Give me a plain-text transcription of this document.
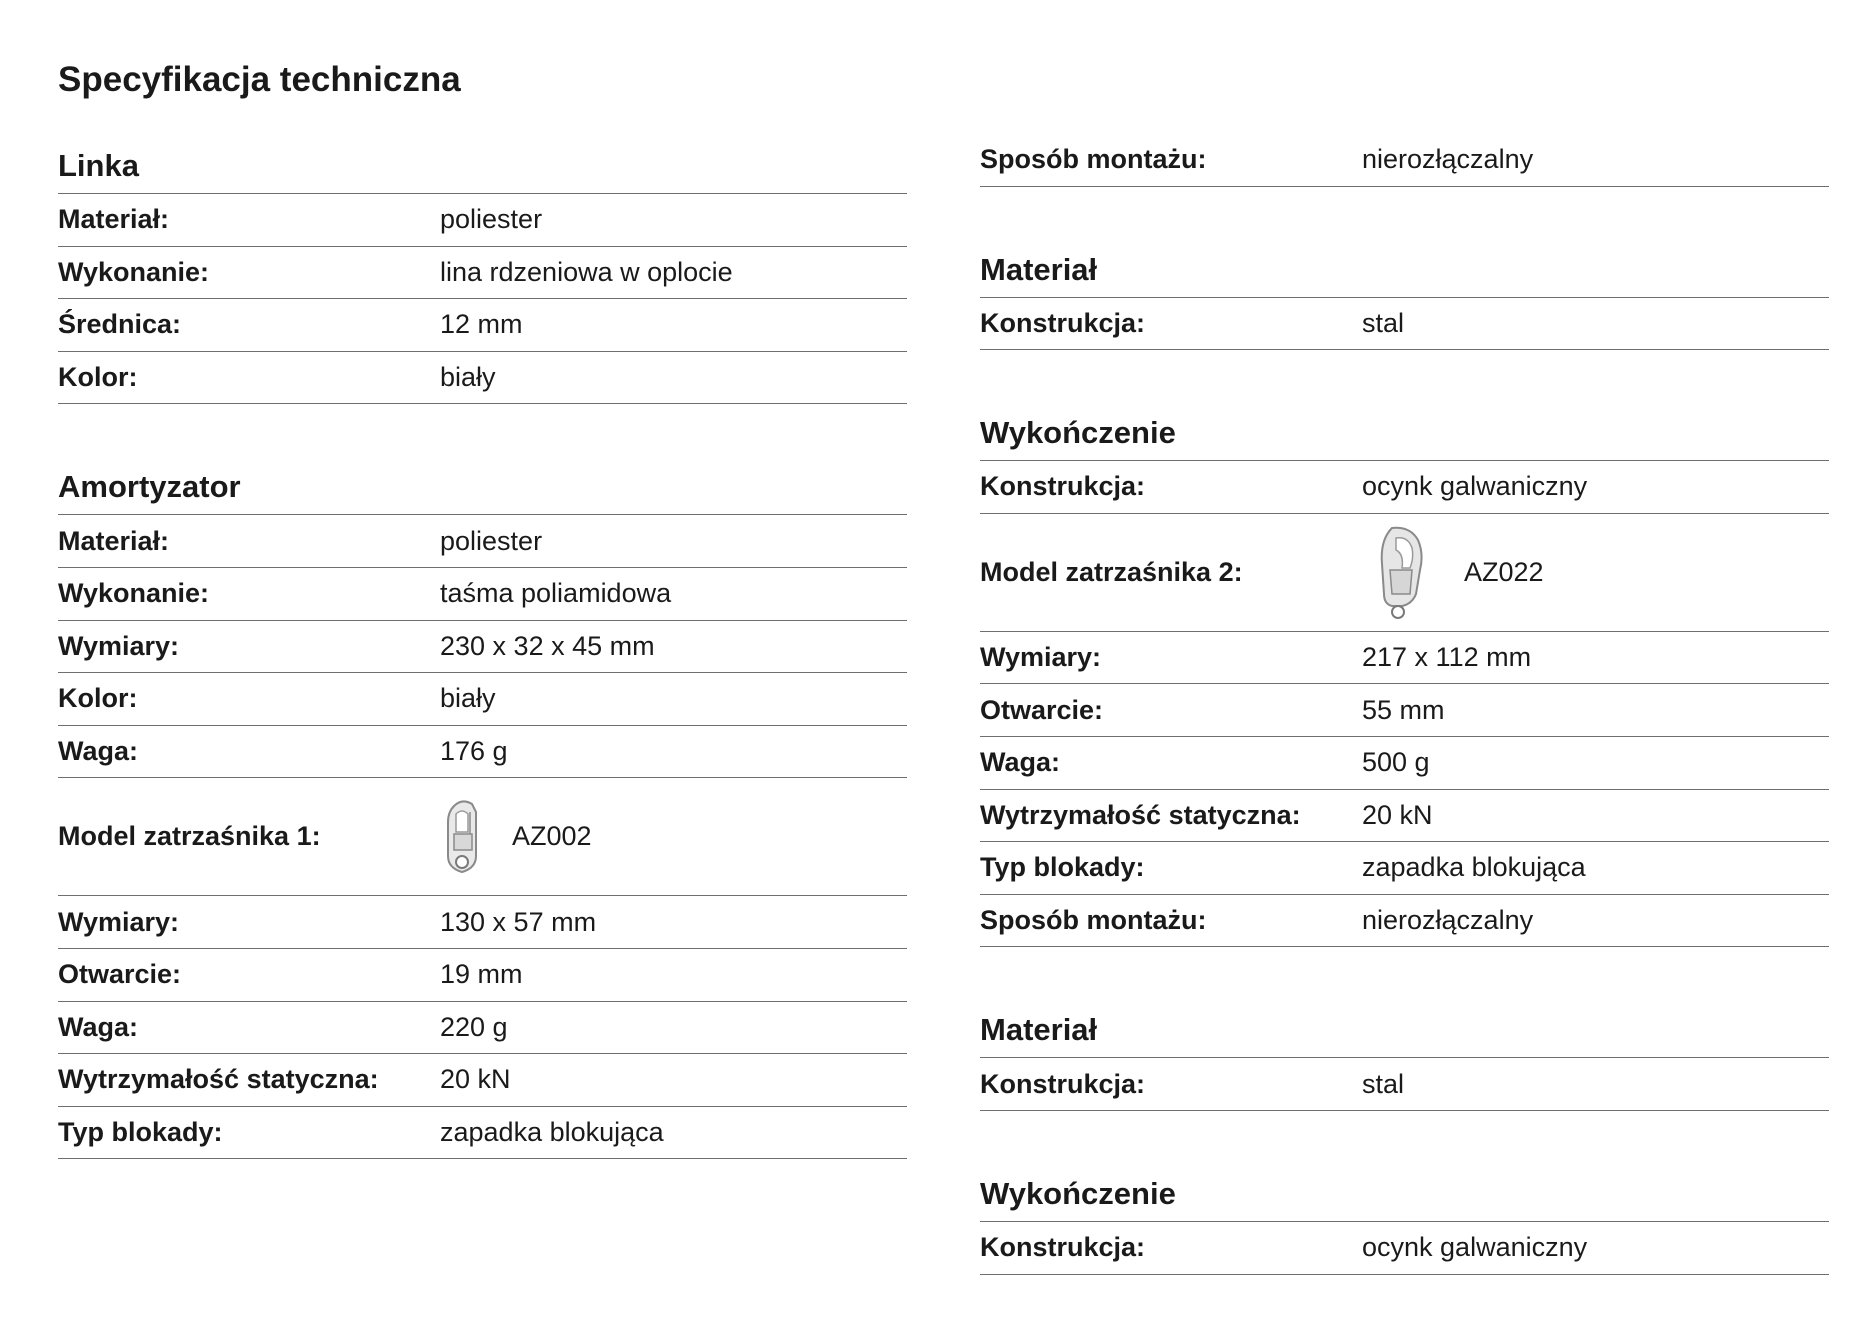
Specyfikacja techniczna
Linka
Materiał:	poliester
Wykonanie:	lina rdzeniowa w oplocie
Średnica:	12 mm
Kolor:	biały
Amortyzator
Materiał:	poliester
Wykonanie:	taśma poliamidowa
Wymiary:	230 x 32 x 45 mm
Kolor:	biały
Waga:	176 g
Model zatrzaśnika 1:	AZ002
Wymiary:	130 x 57 mm
Otwarcie:	19 mm
Waga:	220 g
Wytrzymałość statyczna:	20 kN
Typ blokady:	zapadka blokująca
Sposób montażu:	nierozłączalny
Materiał
Konstrukcja:	stal
Wykończenie
Konstrukcja:	ocynk galwaniczny
Model zatrzaśnika 2:	AZ022
Wymiary:	217 x 112 mm
Otwarcie:	55 mm
Waga:	500 g
Wytrzymałość statyczna:	20 kN
Typ blokady:	zapadka blokująca
Sposób montażu:	nierozłączalny
Materiał
Konstrukcja:	stal
Wykończenie
Konstrukcja:	ocynk galwaniczny
